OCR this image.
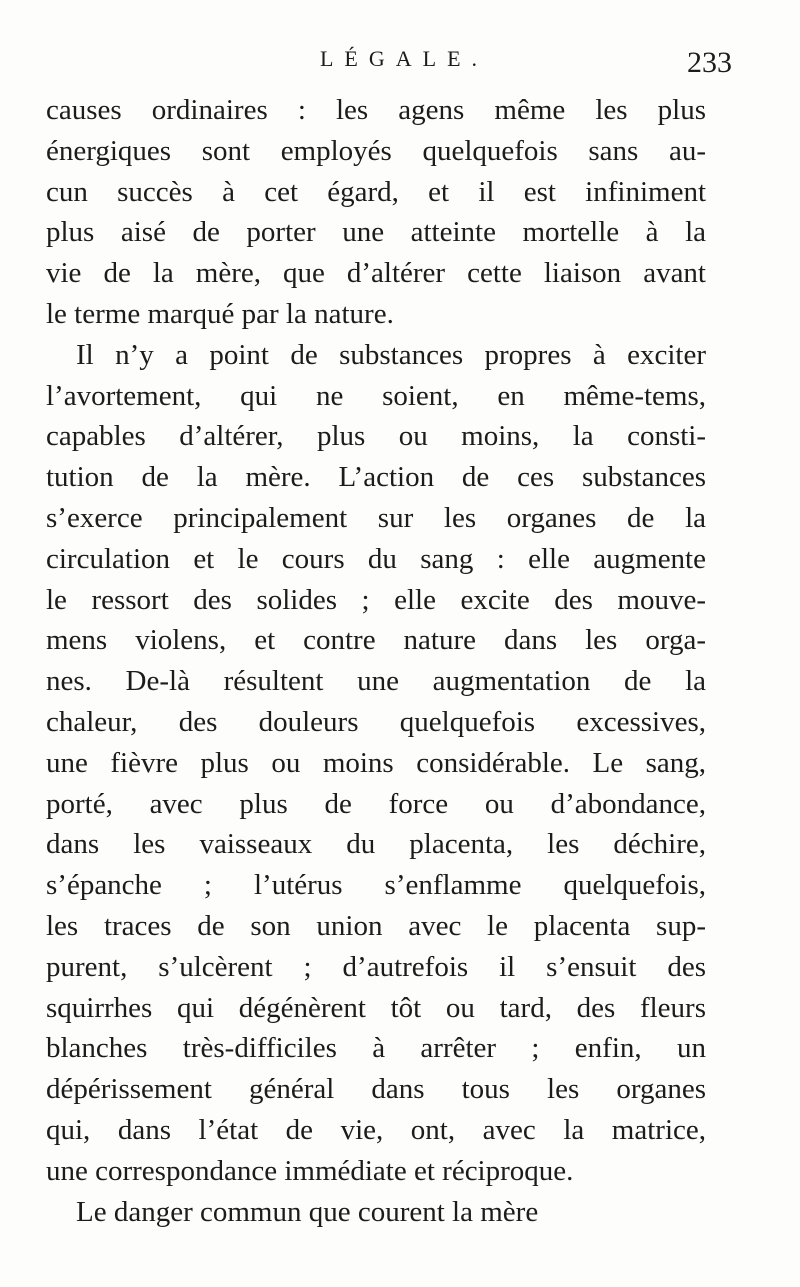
LÉGALE.	233
causes ordinaires : les agens même les plus
énergiques sont employés quelquefois sans au-
cun succès à cet égard, et il est infiniment
plus aisé de porter une atteinte mortelle à la
vie de la mère, que d’altérer cette liaison avant
le terme marqué par la nature.
Il n’y a point de substances propres à exciter
l’avortement, qui ne soient, en même-tems,
capables d’altérer, plus ou moins, la consti-
tution de la mère. L’action de ces substances
s’exerce principalement sur les organes de la
circulation et le cours du sang : elle augmente
le ressort des solides ; elle excite des mouve-
mens violens, et contre nature dans les orga-
nes. De-là résultent une augmentation de la
chaleur, des douleurs quelquefois excessives,
une fièvre plus ou moins considérable. Le sang,
porté, avec plus de force ou d’abondance,
dans les vaisseaux du placenta, les déchire,
s’épanche ; l’utérus s’enflamme quelquefois,
les traces de son union avec le placenta sup-
purent, s’ulcèrent ; d’autrefois il s’ensuit des
squirrhes qui dégénèrent tôt ou tard, des fleurs
blanches très-difficiles à arrêter ; enfin, un
dépérissement général dans tous les organes
qui, dans l’état de vie, ont, avec la matrice,
une correspondance immédiate et réciproque.
Le danger commun que courent la mère
